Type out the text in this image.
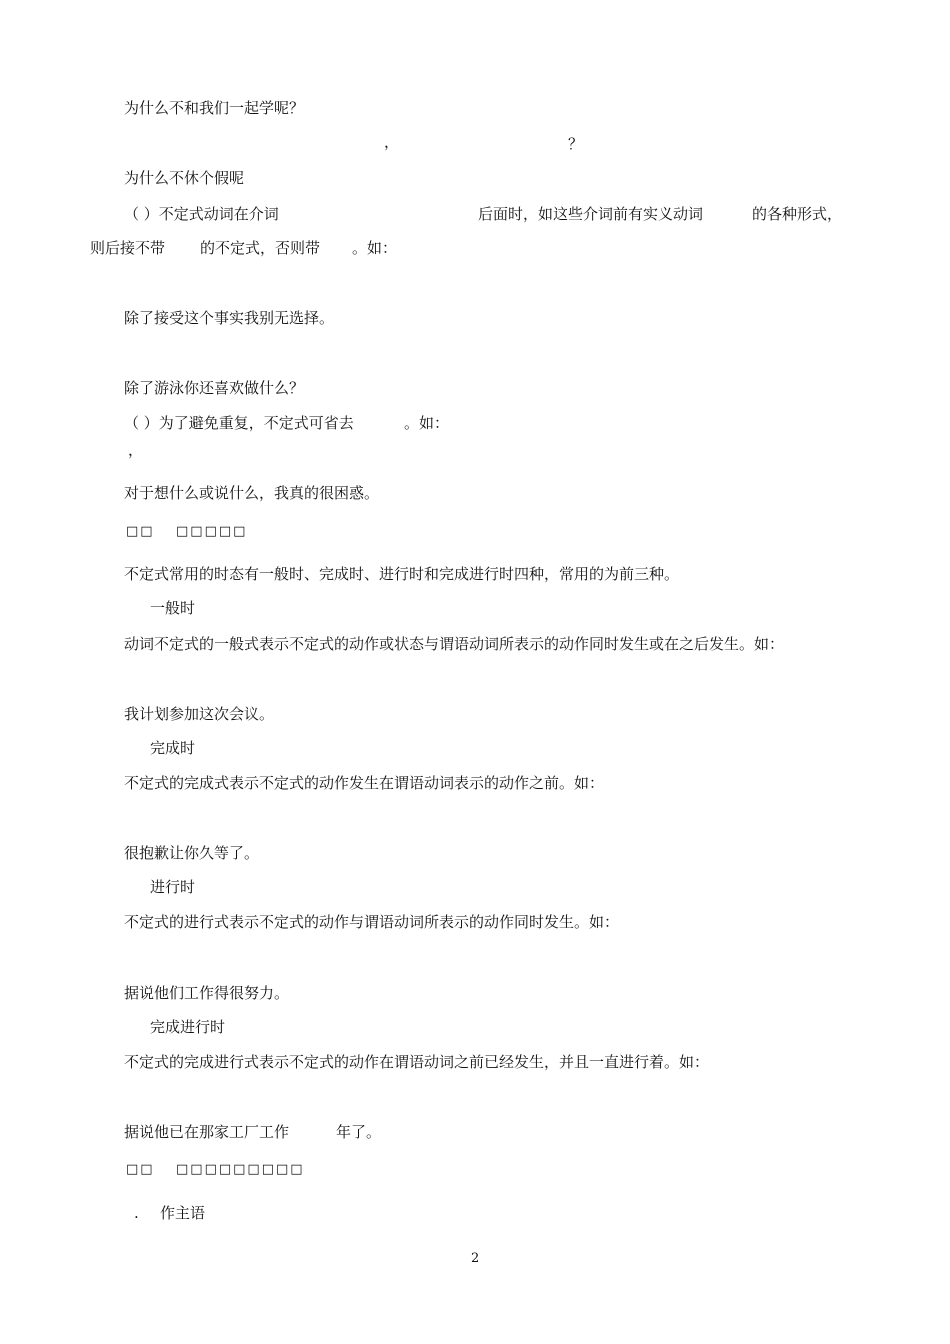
为什么不和我们一起学呢？
，	？
为什么不休个假呢
（ ）不定式动词在介词	后面时，如这些介词前有实义动词	的各种形式，
则后接不带 的不定式，否则带 。如：
除了接受这个事实我别无选择。
除了游泳你还喜欢做什么？
（ ）为了避免重复，不定式可省去	。如：
，
对于想什么或说什么，我真的很困惑。
□□ □□□□□
不定式常用的时态有一般时、完成时、进行时和完成进行时四种，常用的为前三种。
一般时
动词不定式的一般式表示不定式的动作或状态与谓语动词所表示的动作同时发生或在之后发生。如：
我计划参加这次会议。
完成时
不定式的完成式表示不定式的动作发生在谓语动词表示的动作之前。如：
很抱歉让你久等了。
进行时
不定式的进行式表示不定式的动作与谓语动词所表示的动作同时发生。如：
据说他们工作得很努力。
完成进行时
不定式的完成进行式表示不定式的动作在谓语动词之前已经发生，并且一直进行着。如：
据说他已在那家工厂工作	年了。
□□ □□□□□□□□□
. 作主语
2
